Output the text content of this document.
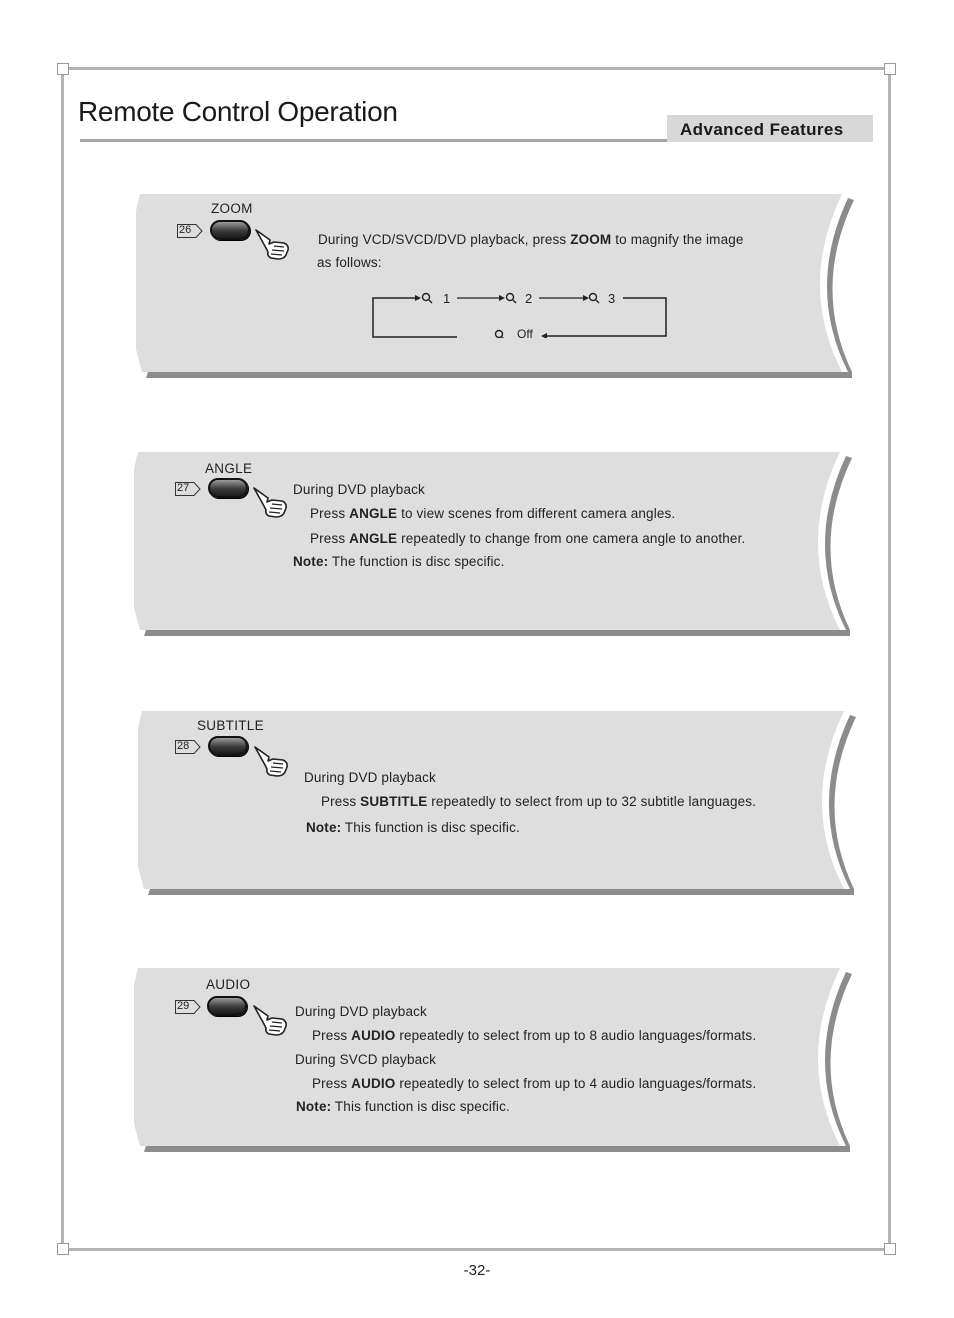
Remote Control Operation
Advanced Features
ZOOM
26
During VCD/SVCD/DVD playback, press ZOOM to magnify the image
as follows:
1	2	3
Off
ANGLE
27	During DVD playback
Press ANGLE to view scenes from different camera angles.
Press ANGLE repeatedly to change from one camera angle to another.
Note: The function is disc specific.
SUBTITLE
28
During DVD playback
Press SUBTITLE repeatedly to select from up to 32 subtitle languages.
Note: This function is disc specific.
AUDIO
29	During DVD playback
Press AUDIO repeatedly to select from up to 8 audio languages/formats.
During SVCD playback
Press AUDIO repeatedly to select from up to 4 audio languages/formats.
Note: This function is disc specific.
-32-
